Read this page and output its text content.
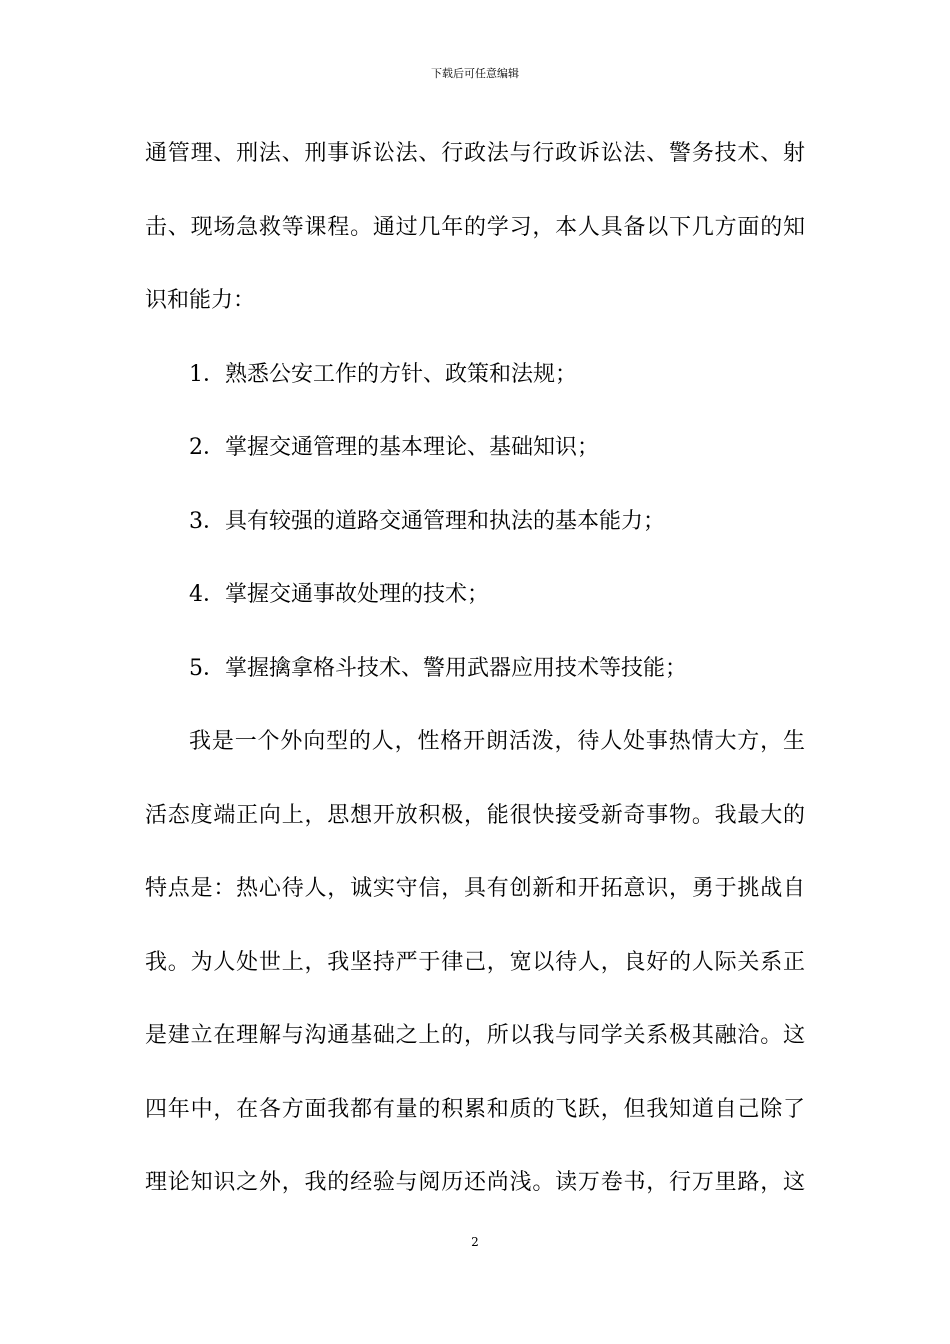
下载后可任意编辑
通管理、刑法、刑事诉讼法、行政法与行政诉讼法、警务技术、射
击、现场急救等课程。通过几年的学习，本人具备以下几方面的知
识和能力：
1．熟悉公安工作的方针、政策和法规；
2．掌握交通管理的基本理论、基础知识；
3．具有较强的道路交通管理和执法的基本能力；
4．掌握交通事故处理的技术；
5．掌握擒拿格斗技术、警用武器应用技术等技能；
我是一个外向型的人，性格开朗活泼，待人处事热情大方，生
活态度端正向上，思想开放积极，能很快接受新奇事物。我最大的
特点是：热心待人，诚实守信，具有创新和开拓意识，勇于挑战自
我。为人处世上，我坚持严于律己，宽以待人，良好的人际关系正
是建立在理解与沟通基础之上的，所以我与同学关系极其融洽。这
四年中，在各方面我都有量的积累和质的飞跃，但我知道自己除了
理论知识之外，我的经验与阅历还尚浅。读万卷书，行万里路，这
2
